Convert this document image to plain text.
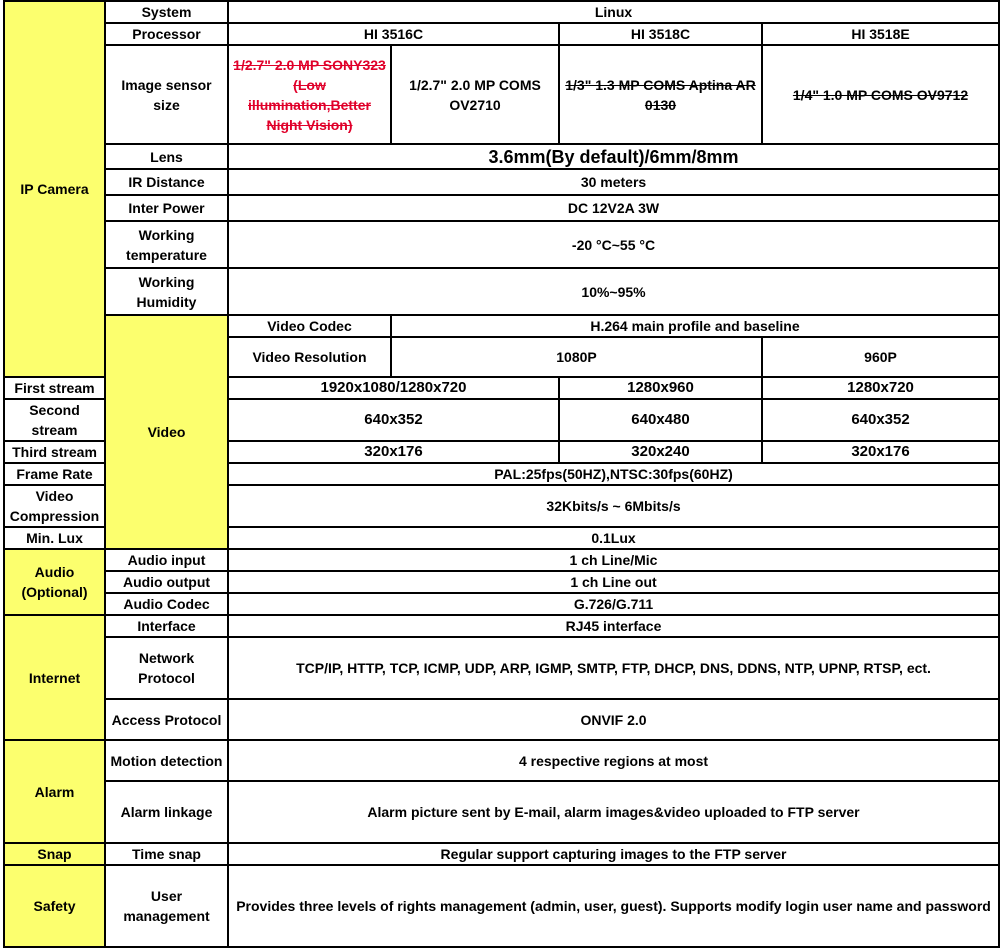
IP Camera	System	Linux				
	Processor	HI 3516C		HI 3518C	HI 3518E	
	Image sensor size	1/2.7" 2.0 MP SONY323 (Low illumination,Better Night Vision)	1/2.7" 2.0 MP COMS OV2710	1/3" 1.3 MP COMS Aptina AR 0130	1/4" 1.0 MP COMS OV9712	
	Lens	3.6mm(By default)/6mm/8mm				
	IR Distance	30 meters				
	Inter Power	DC 12V2A 3W				
	Working temperature	-20 °C~55 °C				
	Working Humidity	10%~95%				
	Video	Video Codec	H.264 main profile and baseline			
		Video Resolution	1080P		960P	
First stream		1920x1080/1280x720		1280x960	1280x720	
Second stream		640x352		640x480	640x352	
Third stream		320x176		320x240	320x176	
Frame Rate		PAL:25fps(50HZ),NTSC:30fps(60HZ)				
Video Compression		32Kbits/s ~ 6Mbits/s				
Min. Lux		0.1Lux				

Audio (Optional)	Audio input	1 ch Line/Mic				
	Audio output	1 ch Line out				
	Audio Codec	G.726/G.711				
Internet	Interface	RJ45 interface				
	Network Protocol	TCP/IP, HTTP, TCP, ICMP, UDP, ARP, IGMP, SMTP, FTP, DHCP, DNS, DDNS, NTP, UPNP, RTSP, ect.				
	Access Protocol	ONVIF 2.0				
Alarm	Motion detection	4 respective regions at most				
	Alarm linkage	Alarm picture sent by E-mail, alarm images&video uploaded to FTP server				
Snap	Time snap	Regular support capturing images to the FTP server				
Safety	User management	Provides three levels of rights management (admin, user, guest). Supports modify login user name and password				
